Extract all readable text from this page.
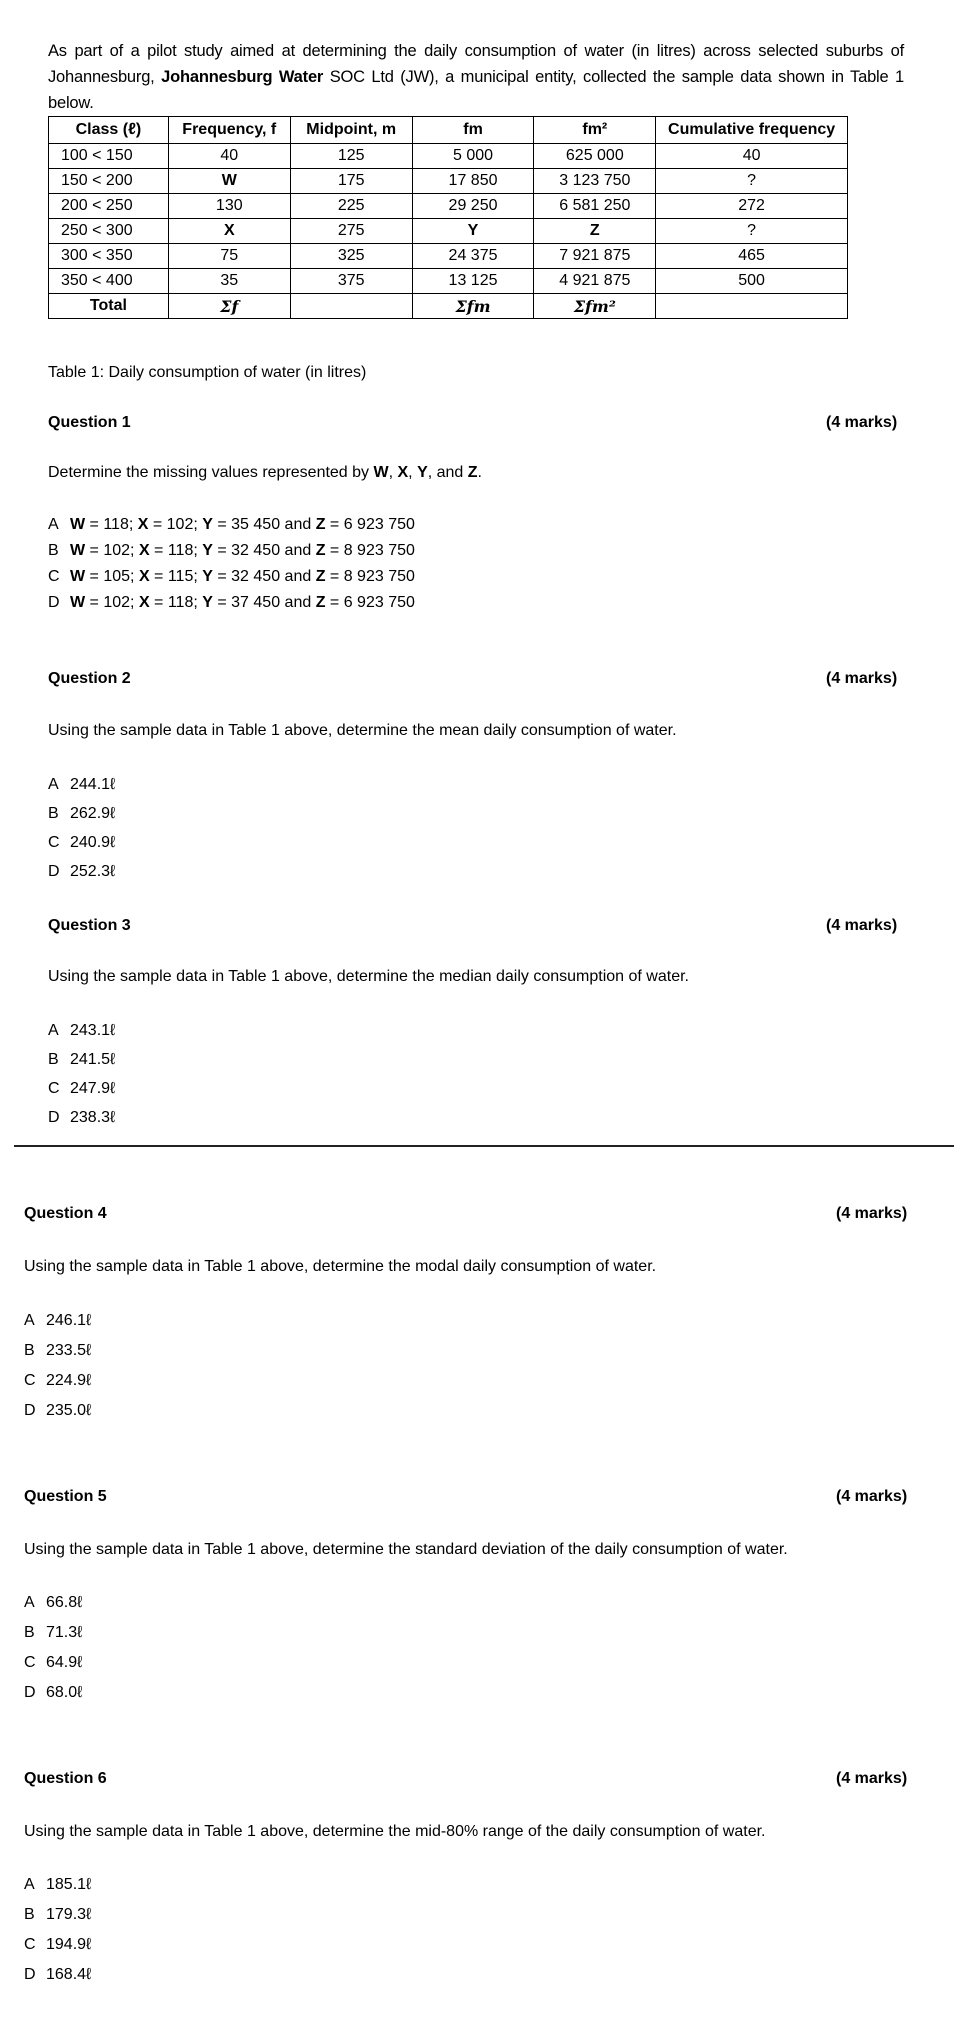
As part of a pilot study aimed at determining the daily consumption of water (in litres) across selected suburbs of Johannesburg, Johannesburg Water SOC Ltd (JW), a municipal entity, collected the sample data shown in Table 1 below.

Class (ℓ)	Frequency, f	Midpoint, m	fm	fm²	Cumulative frequency
100 < 150	40	125	5 000	625 000	40
150 < 200	W	175	17 850	3 123 750	?
200 < 250	130	225	29 250	6 581 250	272
250 < 300	X	275	Y	Z	?
300 < 350	75	325	24 375	7 921 875	465
350 < 400	35	375	13 125	4 921 875	500
Total	Σf		Σfm	Σfm²	
Table 1: Daily consumption of water (in litres)
Question 1	(4 marks)
Determine the missing values represented by W, X, Y, and Z.
A W = 118; X = 102; Y = 35 450 and Z = 6 923 750
B W = 102; X = 118; Y = 32 450 and Z = 8 923 750
C W = 105; X = 115; Y = 32 450 and Z = 8 923 750
D W = 102; X = 118; Y = 37 450 and Z = 6 923 750
Question 2	(4 marks)
Using the sample data in Table 1 above, determine the mean daily consumption of water.
A 244.1ℓ
B 262.9ℓ
C 240.9ℓ
D 252.3ℓ
Question 3	(4 marks)
Using the sample data in Table 1 above, determine the median daily consumption of water.
A 243.1ℓ
B 241.5ℓ
C 247.9ℓ
D 238.3ℓ
Question 4	(4 marks)
Using the sample data in Table 1 above, determine the modal daily consumption of water.
A 246.1ℓ
B 233.5ℓ
C 224.9ℓ
D 235.0ℓ
Question 5	(4 marks)
Using the sample data in Table 1 above, determine the standard deviation of the daily consumption of water.
A 66.8ℓ
B 71.3ℓ
C 64.9ℓ
D 68.0ℓ
Question 6	(4 marks)
Using the sample data in Table 1 above, determine the mid-80% range of the daily consumption of water.
A 185.1ℓ
B 179.3ℓ
C 194.9ℓ
D 168.4ℓ
